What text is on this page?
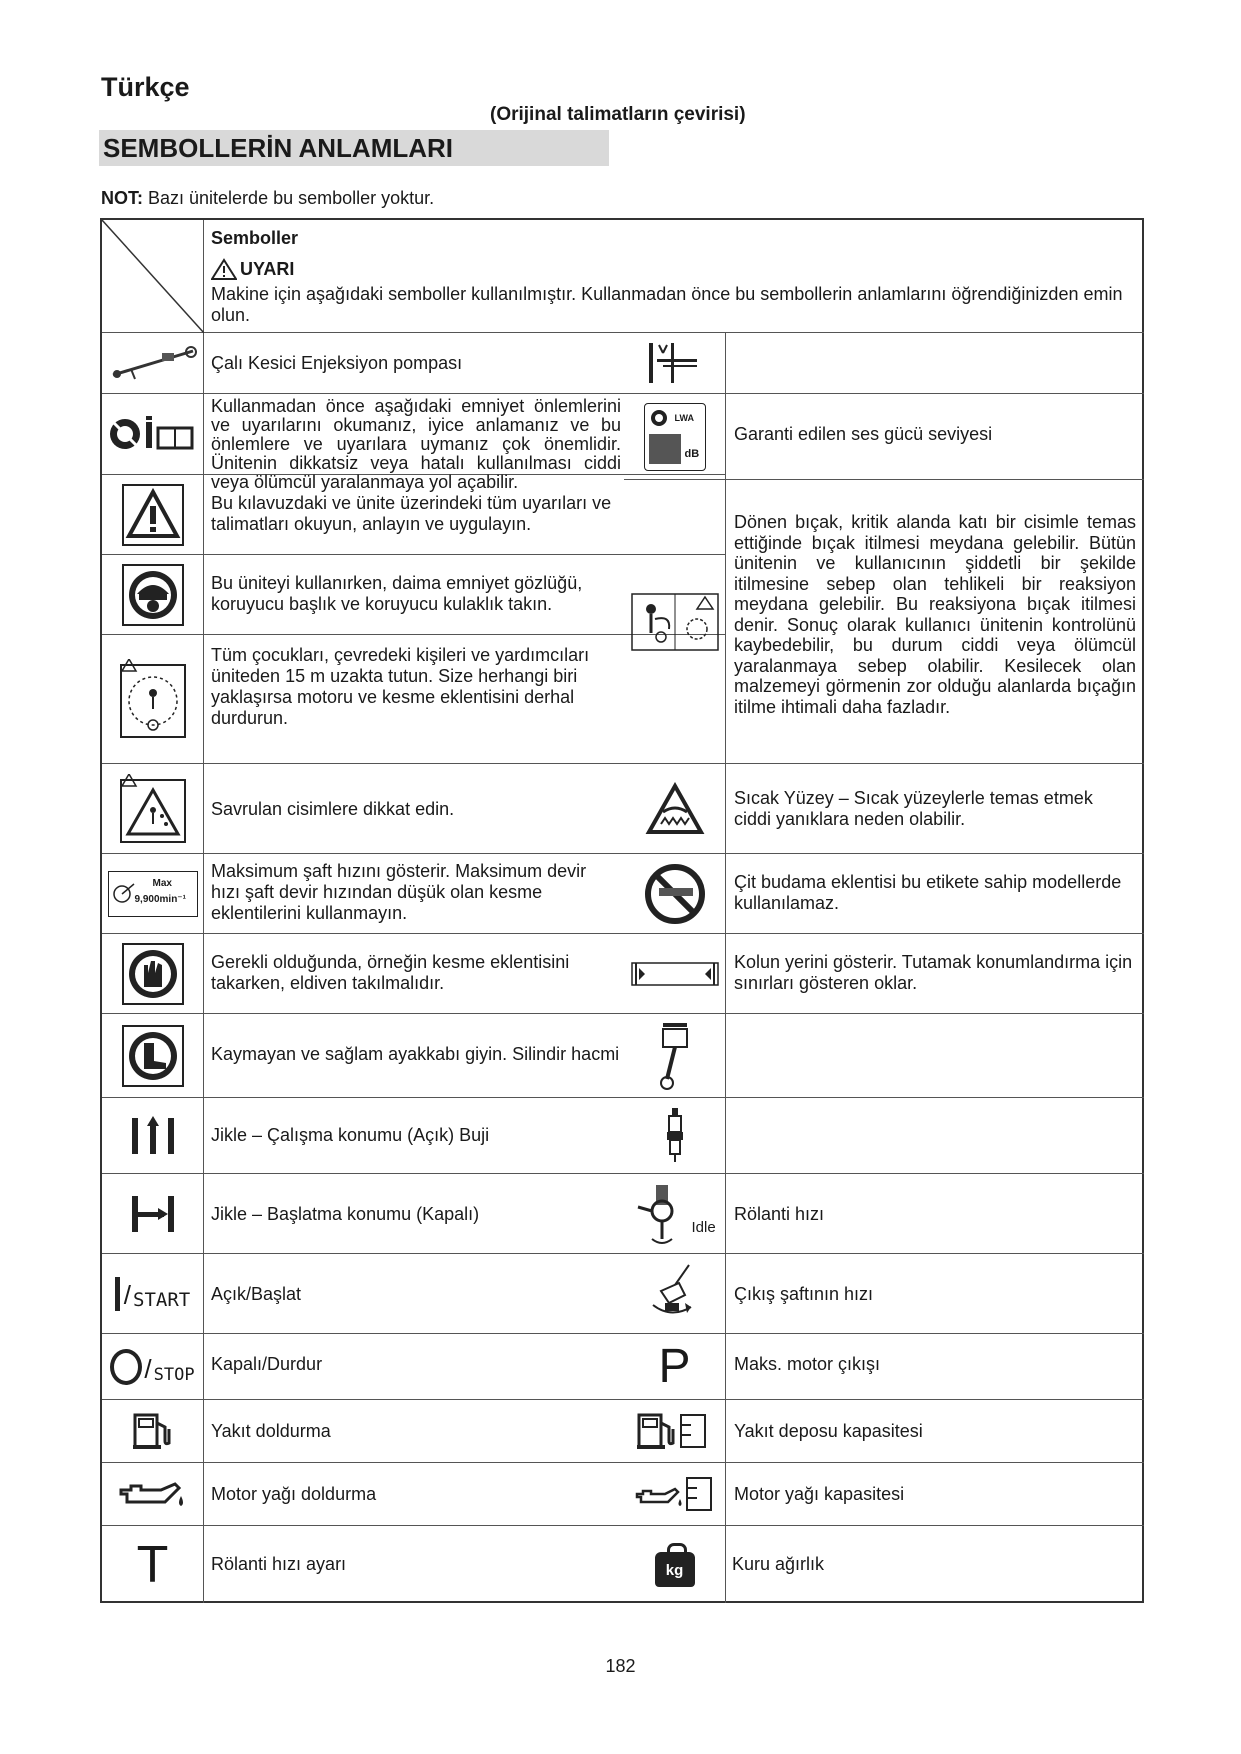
Türkçe
(Orijinal talimatların çevirisi)
SEMBOLLERİN ANLAMLARI
NOT: Bazı ünitelerde bu semboller yoktur.
Semboller
UYARI
Makine için aşağıdaki semboller kullanılmıştır. Kullanmadan önce bu sembollerin anlamlarını öğrendiğinizden emin olun.
Çalı Kesici Enjeksiyon pompası
Kullanmadan önce aşağıdaki emniyet önlemlerini ve uyarılarını okumanız, iyice anlamanız ve bu önlemlere ve uyarılara uymanız çok önemlidir. Ünitenin dikkatsiz veya hatalı kullanılması ciddi veya ölümcül yaralanmaya yol açabilir.
Bu kılavuzdaki ve ünite üzerindeki tüm uyarıları ve talimatları okuyun, anlayın ve uygulayın.
Bu üniteyi kullanırken, daima emniyet gözlüğü, koruyucu başlık ve koruyucu kulaklık takın.
Tüm çocukları, çevredeki kişileri ve yardımcıları üniteden 15 m uzakta tutun. Size herhangi biri yaklaşırsa motoru ve kesme eklentisini derhal durdurun.
Savrulan cisimlere dikkat edin.
Max
9,900min⁻¹
Maksimum şaft hızını gösterir. Maksimum devir hızı şaft devir hızından düşük olan kesme eklentilerini kullanmayın.
Gerekli olduğunda, örneğin kesme eklentisini takarken, eldiven takılmalıdır.
Kaymayan ve sağlam ayakkabı giyin. Silindir hacmi
Jikle – Çalışma konumu (Açık) Buji
Jikle – Başlatma konumu (Kapalı)
/ START Açık/Başlat
/ STOP
Kapalı/Durdur
Yakıt doldurma
Motor yağı doldurma
T Rölanti hızı ayarı
LWA
dB
Garanti edilen ses gücü seviyesi
Dönen bıçak, kritik alanda katı bir cisimle temas ettiğinde bıçak itilmesi meydana gelebilir. Bütün ünitenin ve kullanıcının şiddetli bir şekilde itilmesine sebep olan tehlikeli bir reaksiyon meydana gelebilir. Bu reaksiyona bıçak itilmesi denir. Sonuç olarak kullanıcı ünitenin kontrolünü kaybedebilir, bu durum ciddi veya ölümcül yaralanmaya sebep olabilir. Kesilecek olan malzemeyi görmenin zor olduğu alanlarda bıçağın itilme ihtimali daha fazladır.
Sıcak Yüzey – Sıcak yüzeylerle temas etmek ciddi yanıklara neden olabilir.
Çit budama eklentisi bu etikete sahip modellerde kullanılamaz.
Kolun yerini gösterir. Tutamak konumlandırma için sınırları gösteren oklar.
Idle
Rölanti hızı
Çıkış şaftının hızı
P Maks. motor çıkışı
Yakıt deposu kapasitesi
Motor yağı kapasitesi
kg	Kuru ağırlık
182
